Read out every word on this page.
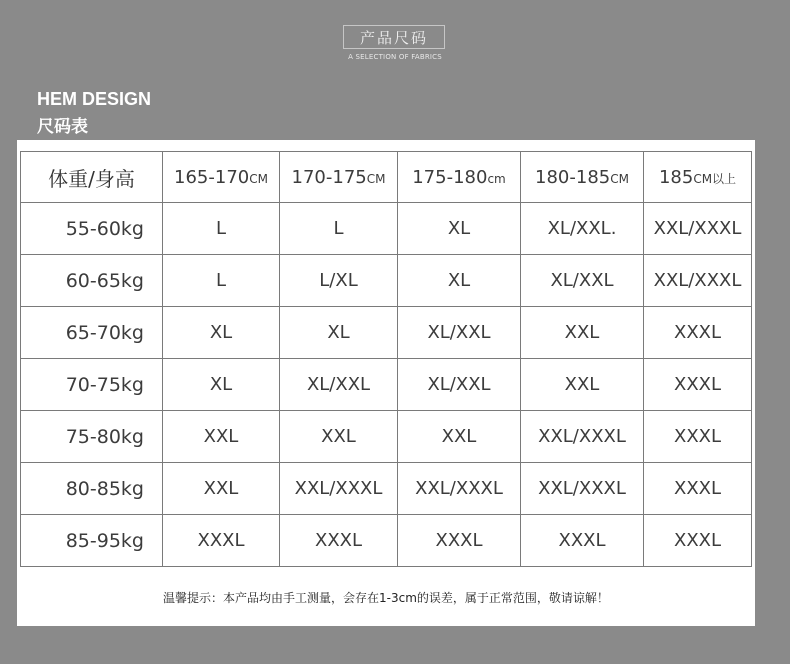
产品尺码
A SELECTION OF FABRICS
HEM DESIGN
尺码表
体重/身高	165-170CM	170-175CM	175-180cm	180-185CM	185CM以上
55-60kg	L	L	XL	XL/XXL.	XXL/XXXL
60-65kg	L	L/XL	XL	XL/XXL	XXL/XXXL
65-70kg	XL	XL	XL/XXL	XXL	XXXL
70-75kg	XL	XL/XXL	XL/XXL	XXL	XXXL
75-80kg	XXL	XXL	XXL	XXL/XXXL	XXXL
80-85kg	XXL	XXL/XXXL	XXL/XXXL	XXL/XXXL	XXXL
85-95kg	XXXL	XXXL	XXXL	XXXL	XXXL
温馨提示：本产品均由手工测量，会存在1-3cm的误差，属于正常范围，敬请谅解！
